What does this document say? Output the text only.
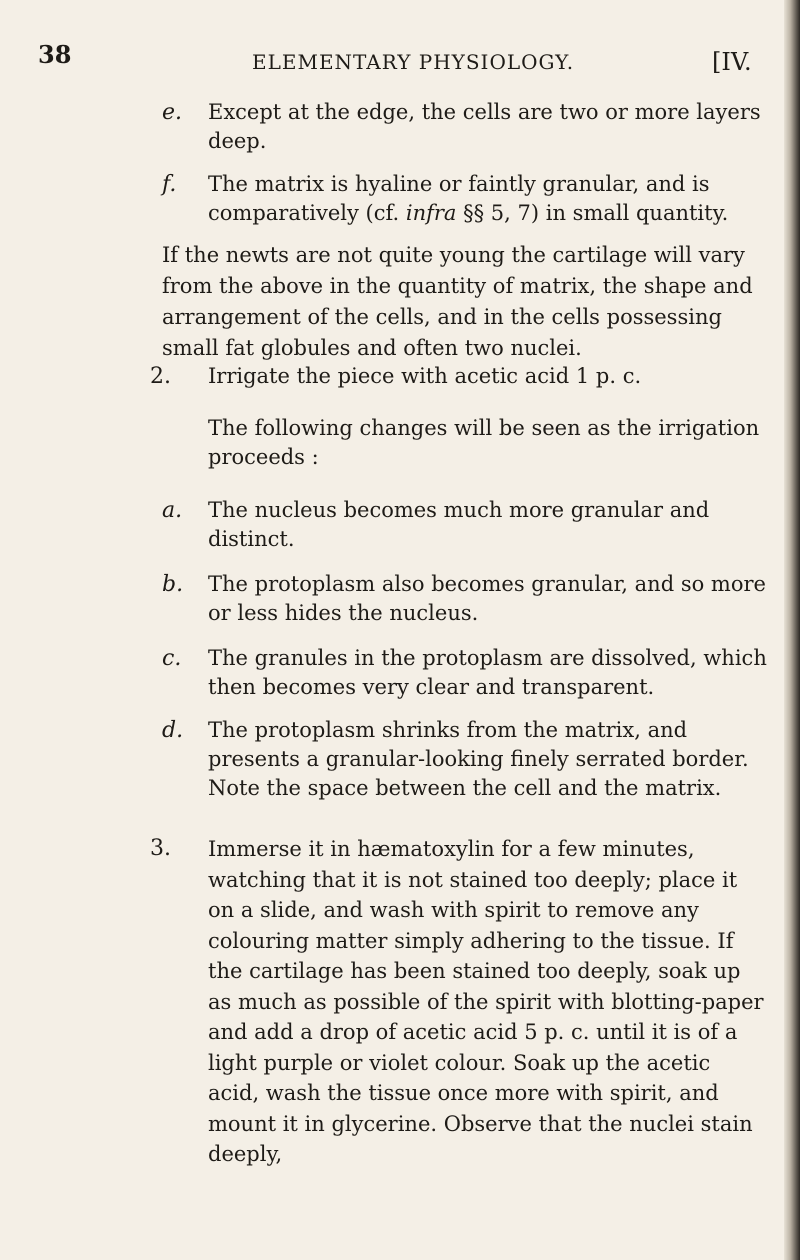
38	ELEMENTARY PHYSIOLOGY.	[IV.
e. Except at the edge, the cells are two or more layers deep.
f. The matrix is hyaline or faintly granular, and is comparatively (cf. infra §§ 5, 7) in small quantity.
If the newts are not quite young the cartilage will vary from the above in the quantity of matrix, the shape and arrangement of the cells, and in the cells possessing small fat globules and often two nuclei.
2. Irrigate the piece with acetic acid 1 p. c.
The following changes will be seen as the irrigation proceeds :
a. The nucleus becomes much more granular and distinct.
b. The protoplasm also becomes granular, and so more or less hides the nucleus.
c. The granules in the protoplasm are dissolved, which then becomes very clear and transparent.
d. The protoplasm shrinks from the matrix, and presents a granular-looking finely serrated border. Note the space between the cell and the matrix.
3. Immerse it in hæmatoxylin for a few minutes, watching that it is not stained too deeply; place it on a slide, and wash with spirit to remove any colouring matter simply adhering to the tissue. If the cartilage has been stained too deeply, soak up as much as possible of the spirit with blotting-paper and add a drop of acetic acid 5 p. c. until it is of a light purple or violet colour. Soak up the acetic acid, wash the tissue once more with spirit, and mount it in glycerine. Observe that the nuclei stain deeply,
